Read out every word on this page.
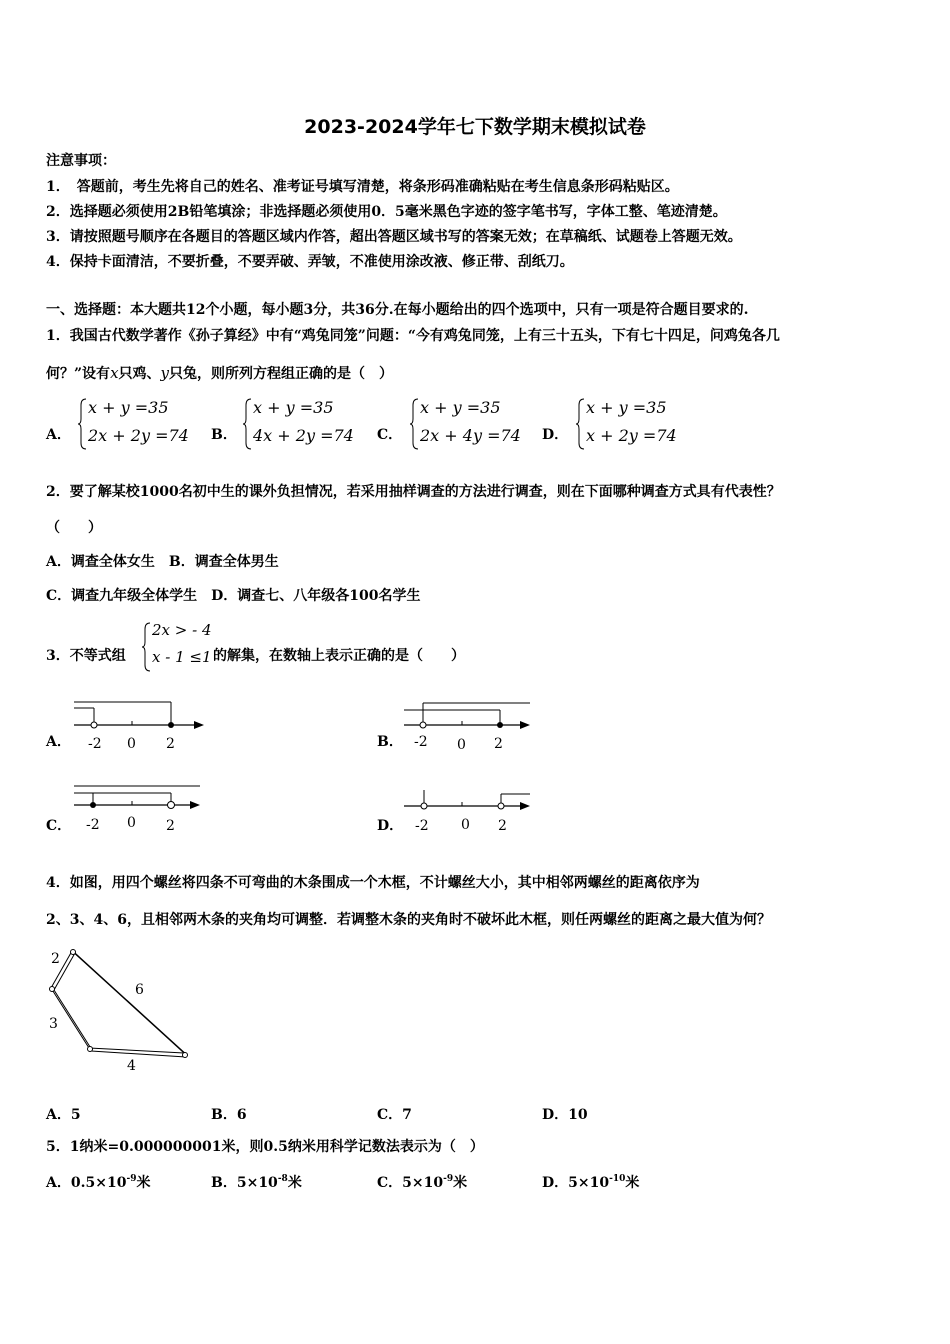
2023-2024学年七下数学期末模拟试卷
注意事项：
1．　答题前，考生先将自己的姓名、准考证号填写清楚，将条形码准确粘贴在考生信息条形码粘贴区。
2．选择题必须使用2B铅笔填涂；非选择题必须使用0．5毫米黑色字迹的签字笔书写，字体工整、笔迹清楚。
3．请按照题号顺序在各题目的答题区域内作答，超出答题区域书写的答案无效；在草稿纸、试题卷上答题无效。
4．保持卡面清洁，不要折叠，不要弄破、弄皱，不准使用涂改液、修正带、刮纸刀。
一、选择题：本大题共12个小题，每小题3分，共36分.在每小题给出的四个选项中，只有一项是符合题目要求的.
1．我国古代数学著作《孙子算经》中有“鸡兔同笼”问题：“今有鸡兔同笼，上有三十五头，下有七十四足，问鸡兔各几
何？”设有x只鸡、y只兔，则所列方程组正确的是（　）
A．
x + y =35
2x + 2y =74 B．
x + y =35
4x + 2y =74 C．
x + y =35
2x + 4y =74 D．
x + y =35
x + 2y =74
2．要了解某校1000名初中生的课外负担情况，若采用抽样调查的方法进行调查，则在下面哪种调查方式具有代表性？
（　　）
A．调查全体女生　B．调查全体男生
C．调查九年级全体学生　D．调查七、八年级各100名学生
3．不等式组
2x > - 4
x - 1 ≤1 的解集，在数轴上表示正确的是（　　）
A． -2 0 2	B． -2 0 2
C． -2 0 2	D． -2 0 2
4．如图，用四个螺丝将四条不可弯曲的木条围成一个木框，不计螺丝大小，其中相邻两螺丝的距离依序为
2、3、4、6，且相邻两木条的夹角均可调整．若调整木条的夹角时不破坏此木框，则任两螺丝的距离之最大值为何？
2
3
6
4
A．5	B．6	C．7	D．10
5．1纳米=0.000000001米，则0.5纳米用科学记数法表示为（　）
A．$0.5\times 10^{-9}$米	B．$5\times 10^{-8}$米	C．$5\times 10^{-9}$米	D．$5\times 10^{-10}$米
